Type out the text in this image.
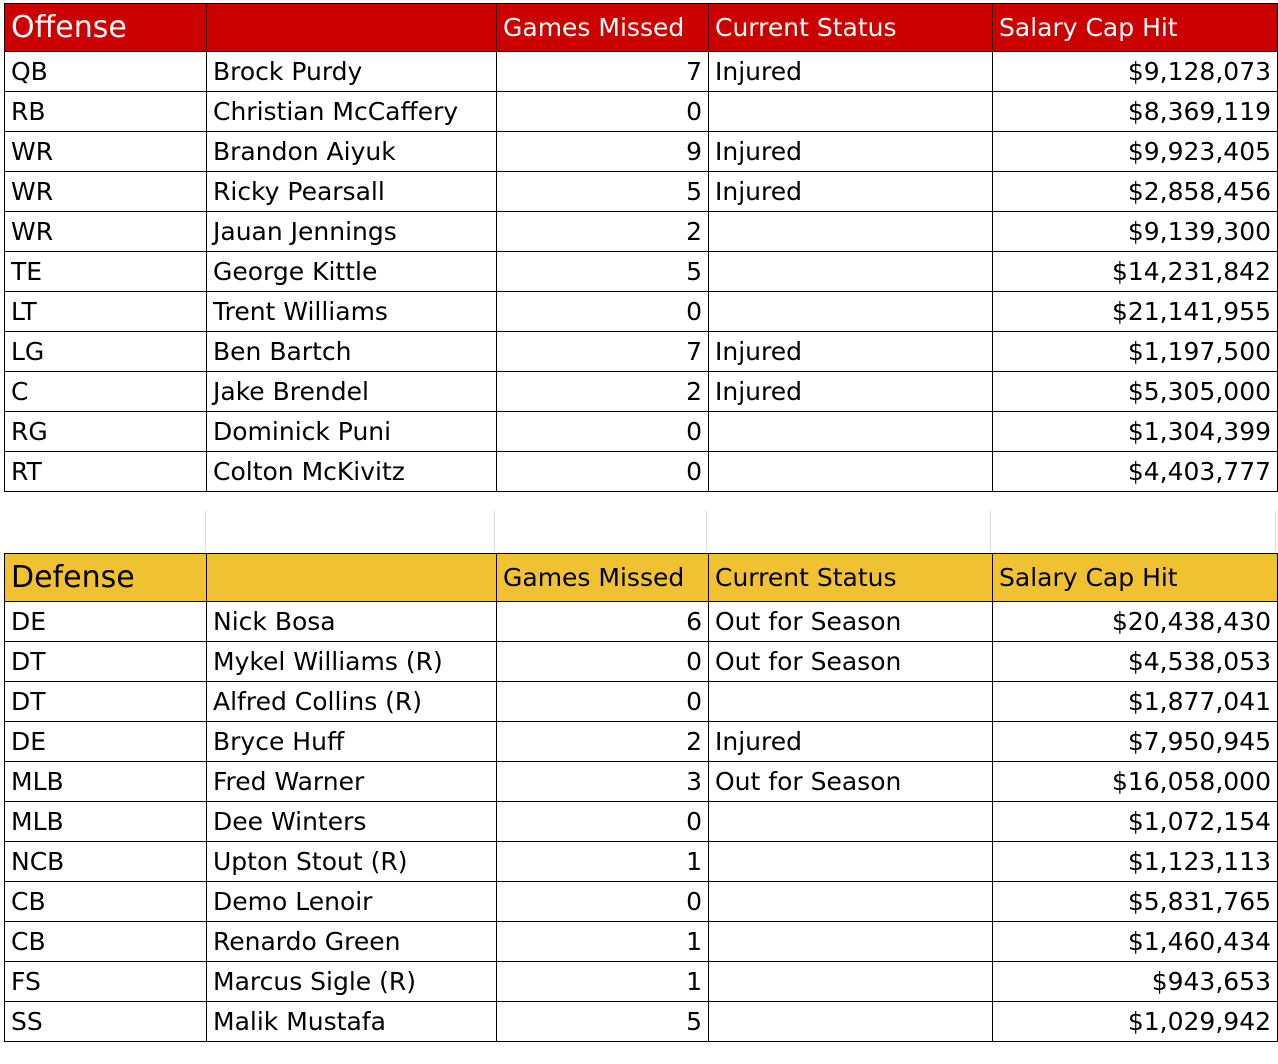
Offense		Games Missed	Current Status	Salary Cap Hit
QB	Brock Purdy	7	Injured	$9,128,073
RB	Christian McCaffery	0		$8,369,119
WR	Brandon Aiyuk	9	Injured	$9,923,405
WR	Ricky Pearsall	5	Injured	$2,858,456
WR	Jauan Jennings	2		$9,139,300
TE	George Kittle	5		$14,231,842
LT	Trent Williams	0		$21,141,955
LG	Ben Bartch	7	Injured	$1,197,500
C	Jake Brendel	2	Injured	$5,305,000
RG	Dominick Puni	0		$1,304,399
RT	Colton McKivitz	0		$4,403,777
Defense		Games Missed	Current Status	Salary Cap Hit
DE	Nick Bosa	6	Out for Season	$20,438,430
DT	Mykel Williams (R)	0	Out for Season	$4,538,053
DT	Alfred Collins (R)	0		$1,877,041
DE	Bryce Huff	2	Injured	$7,950,945
MLB	Fred Warner	3	Out for Season	$16,058,000
MLB	Dee Winters	0		$1,072,154
NCB	Upton Stout (R)	1		$1,123,113
CB	Demo Lenoir	0		$5,831,765
CB	Renardo Green	1		$1,460,434
FS	Marcus Sigle (R)	1		$943,653
SS	Malik Mustafa	5		$1,029,942
